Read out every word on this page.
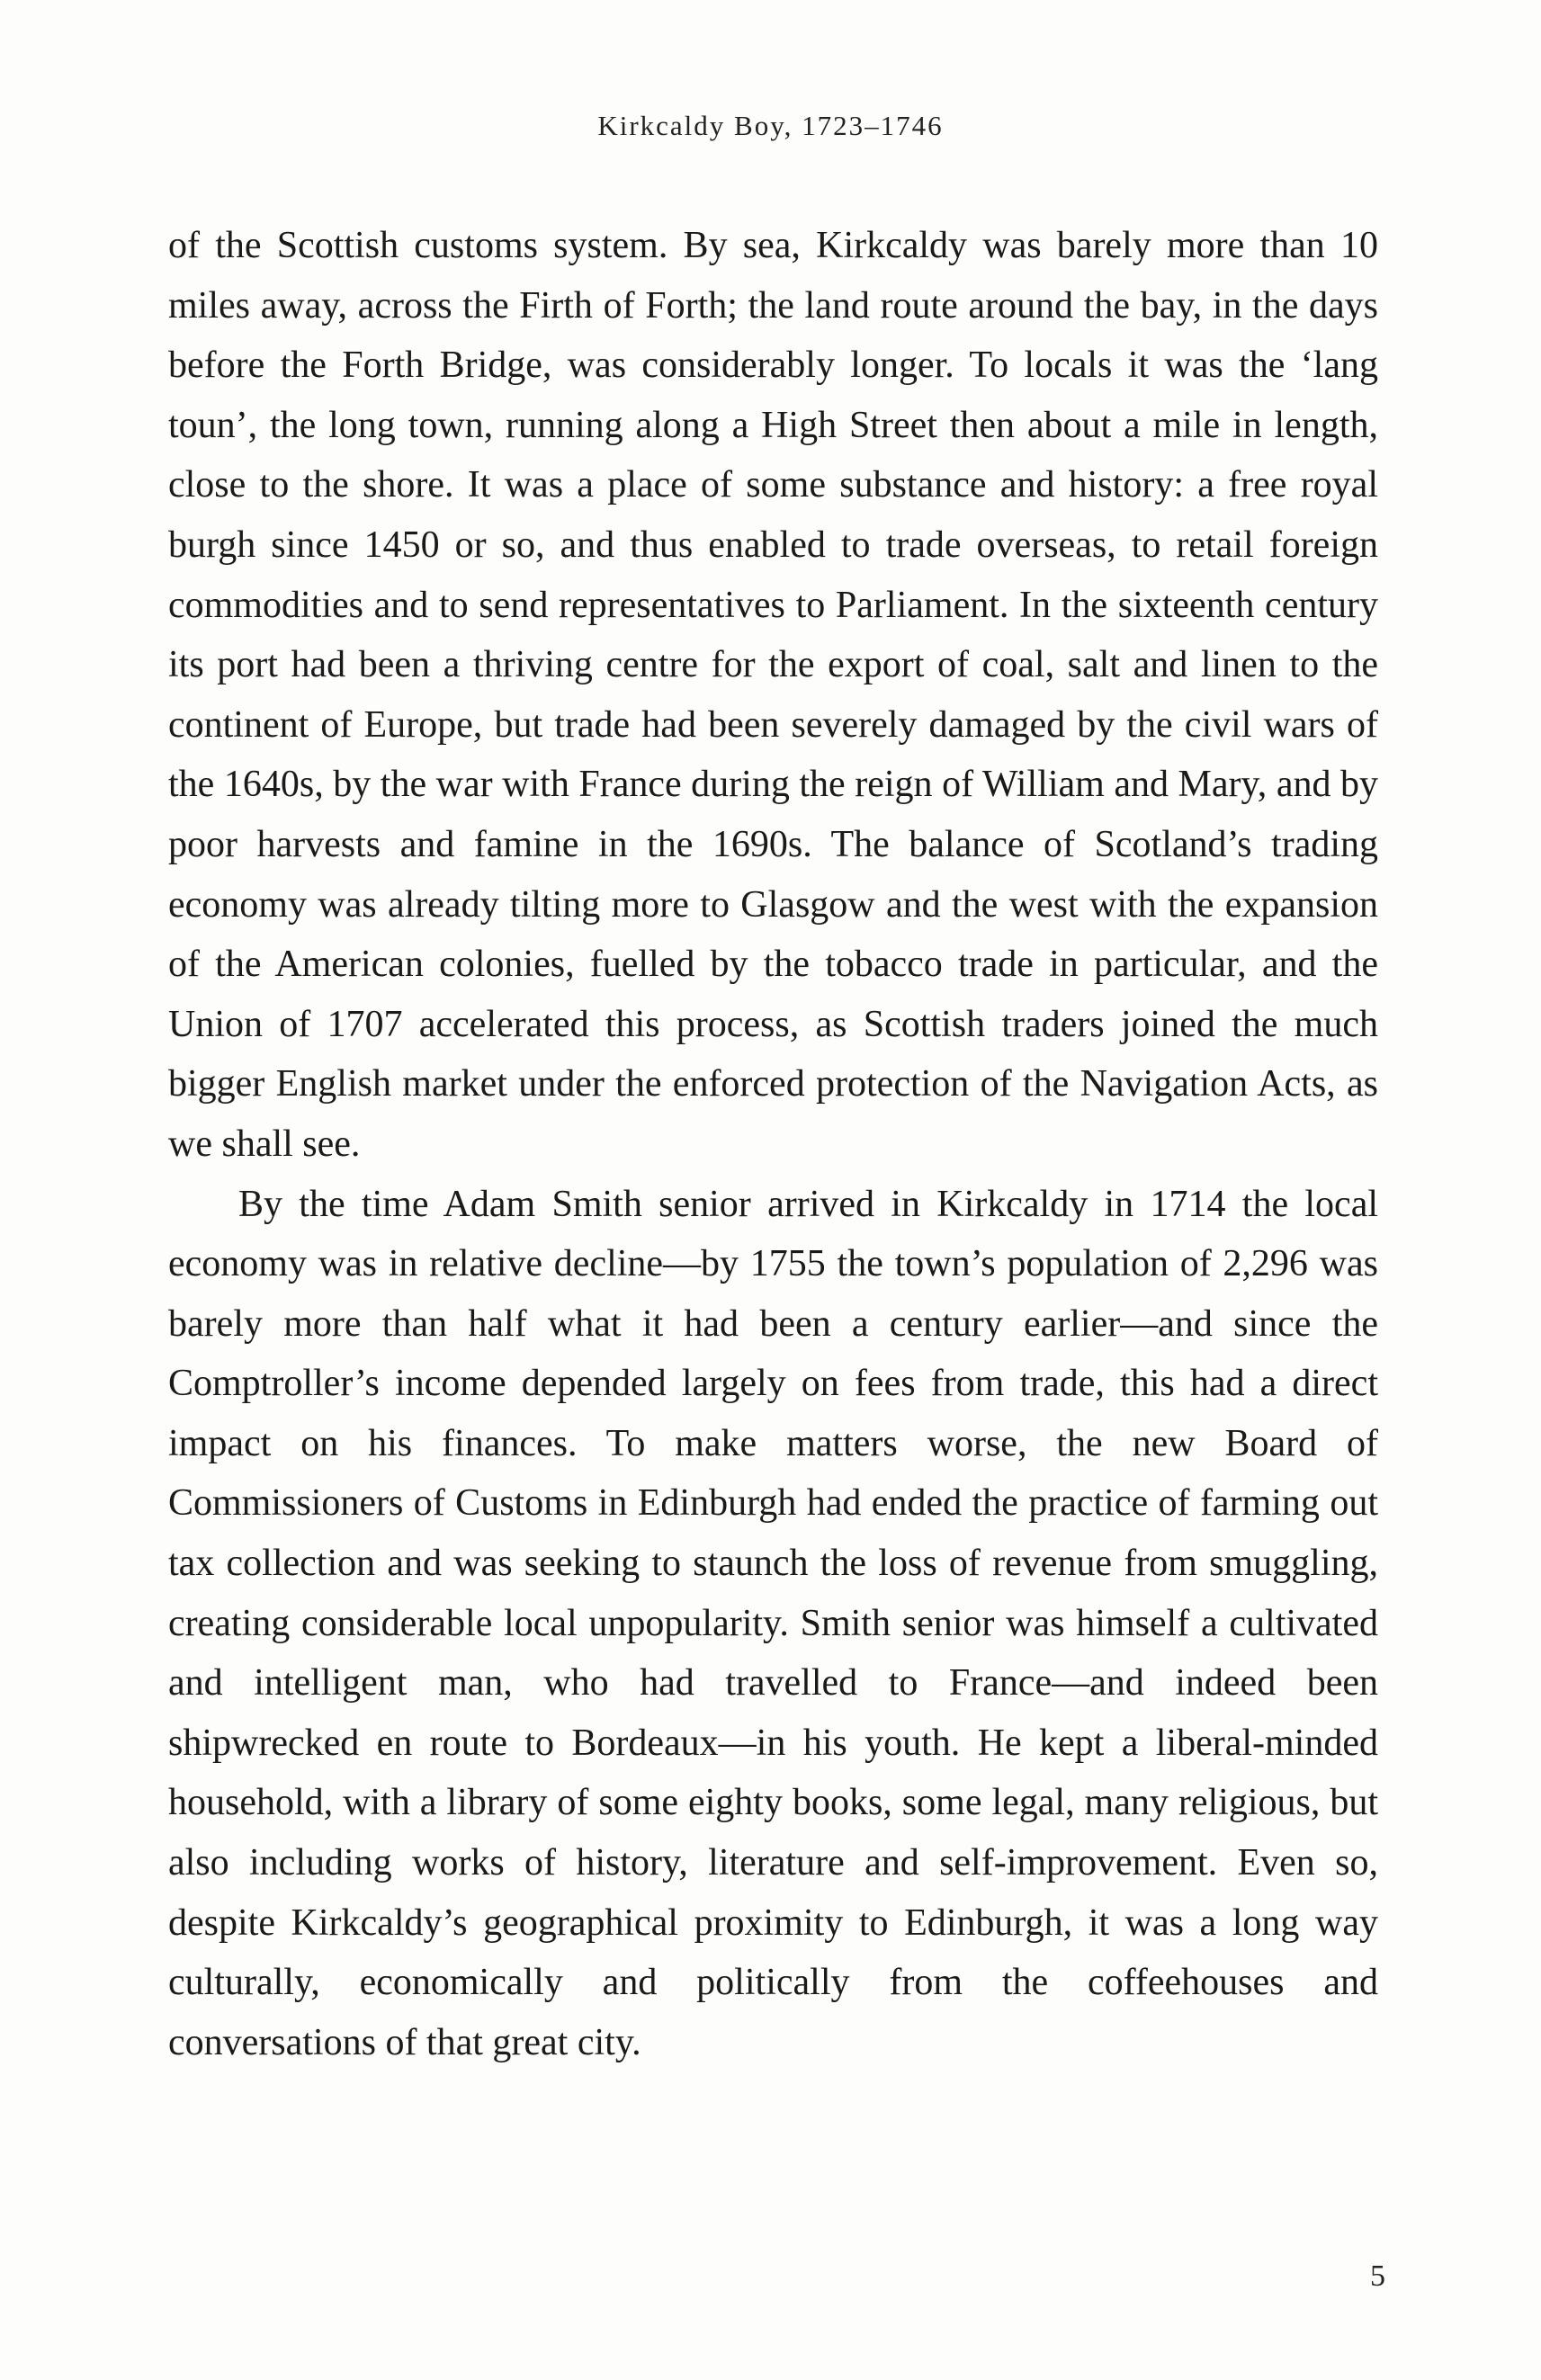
Kirkcaldy Boy, 1723–1746

of the Scottish customs system. By sea, Kirkcaldy was barely more than 10 miles away, across the Firth of Forth; the land route around the bay, in the days before the Forth Bridge, was considerably longer. To locals it was the ‘lang toun’, the long town, running along a High Street then about a mile in length, close to the shore. It was a place of some substance and history: a free royal burgh since 1450 or so, and thus enabled to trade overseas, to retail foreign commodities and to send representatives to Parliament. In the sixteenth century its port had been a thriving centre for the export of coal, salt and linen to the continent of Europe, but trade had been severely damaged by the civil wars of the 1640s, by the war with France during the reign of William and Mary, and by poor harvests and famine in the 1690s. The balance of Scotland’s trading economy was already tilting more to Glasgow and the west with the expansion of the American colonies, fuelled by the tobacco trade in particular, and the Union of 1707 accelerated this process, as Scottish traders joined the much bigger English market under the enforced protection of the Navigation Acts, as we shall see.

By the time Adam Smith senior arrived in Kirkcaldy in 1714 the local economy was in relative decline—by 1755 the town’s population of 2,296 was barely more than half what it had been a century earlier—and since the Comptroller’s income depended largely on fees from trade, this had a direct impact on his finances. To make matters worse, the new Board of Commissioners of Customs in Edinburgh had ended the practice of farming out tax collection and was seeking to staunch the loss of revenue from smuggling, creating considerable local unpopularity. Smith senior was himself a cultivated and intelligent man, who had travelled to France—and indeed been shipwrecked en route to Bordeaux—in his youth. He kept a liberal-minded household, with a library of some eighty books, some legal, many religious, but also including works of history, literature and self-improvement. Even so, despite Kirkcaldy’s geographical proximity to Edinburgh, it was a long way culturally, economically and politically from the coffeehouses and conversations of that great city.

5
